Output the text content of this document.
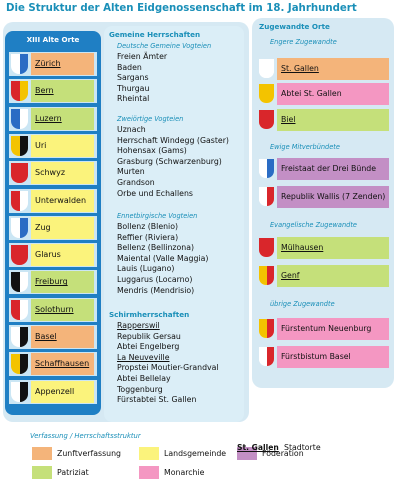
Die Struktur der Alten Eidgenossenschaft im 18. Jahrhundert
XIII Alte Orte
Zürich
Bern
Luzern
Uri
Schwyz
Unterwalden
Zug
Glarus
Freiburg
Solothurn
Basel
Schaffhausen
Appenzell
Gemeine Herrschaften
Deutsche Gemeine Vogteien
Freien Ämter
Baden
Sargans
Thurgau
Rheintal
Zweiörtige Vogteien
Uznach
Herrschaft Windegg (Gaster)
Hohensax (Gams)
Grasburg (Schwarzenburg)
Murten
Grandson
Orbe und Echallens
Ennetbirgische Vogteien
Bollenz (Blenio)
Reffier (Riviera)
Bellenz (Bellinzona)
Maiental (Valle Maggia)
Lauis (Lugano)
Luggarus (Locarno)
Mendris (Mendrisio)
Schirmherrschaften
Rapperswil
Republik Gersau
Abtei Engelberg
La Neuveville
Propstei Moutier-Grandval
Abtei Bellelay
Toggenburg
Fürstabtei St. Gallen
Zugewandte Orte
Engere Zugewandte
St. Gallen
Abtei St. Gallen
Biel
Ewige Mitverbündete
Freistaat der Drei Bünde
Republik Wallis (7 Zenden)
Evangelische Zugewandte
Mülhausen
Genf
übrige Zugewandte
Fürstentum Neuenburg
Fürstbistum Basel
Verfassung / Herrschaftsstruktur
Zunftverfassung	Landsgemeinde	Föderation
Patriziat	Monarchie
St. Gallen Stadtorte
